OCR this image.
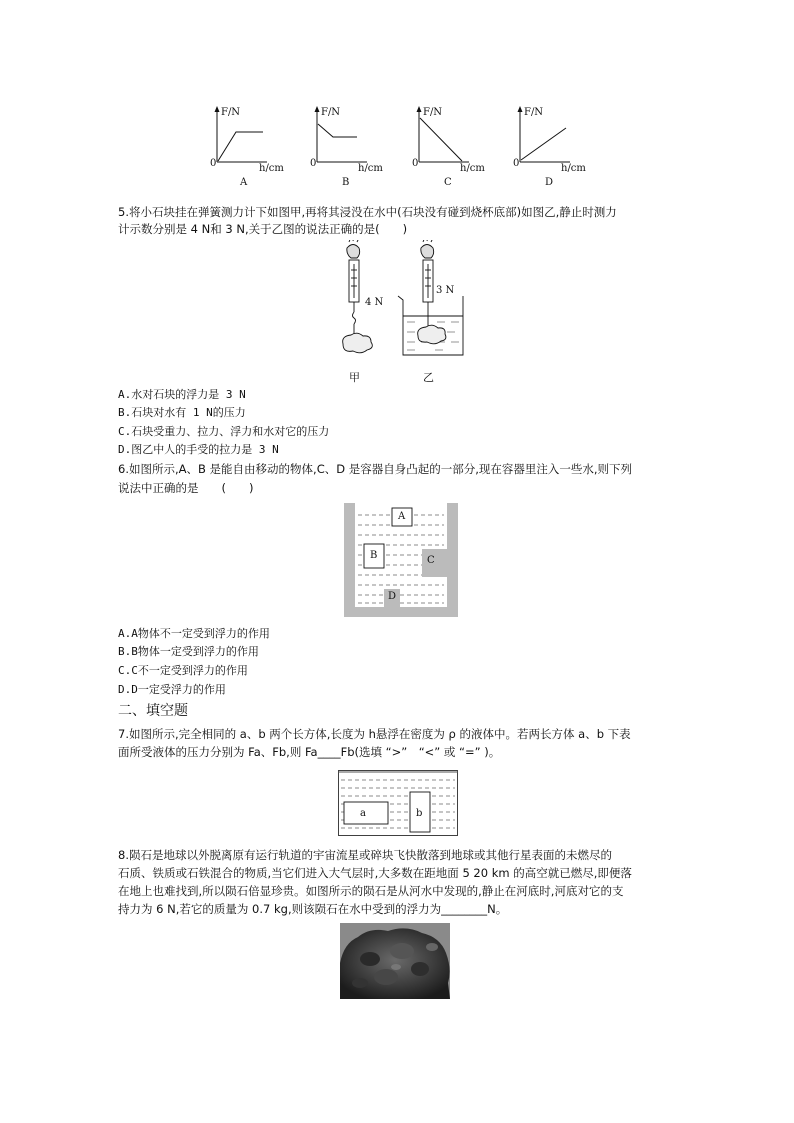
F/N	F/N	F/N	F/N
0	0	0	0
h/cm	h/cm	h/cm	h/cm
A	B	C	D
5.将小石块挂在弹簧测力计下如图甲,再将其浸没在水中(石块没有碰到烧杯底部)如图乙,静止时测力
计示数分别是 4 N和 3 N,关于乙图的说法正确的是(　　)
4 N
3 N
甲	乙
A.水对石块的浮力是 3 N
B.石块对水有 1 N的压力
C.石块受重力、拉力、浮力和水对它的压力
D.图乙中人的手受的拉力是 3 N
6.如图所示,A、B 是能自由移动的物体,C、D 是容器自身凸起的一部分,现在容器里注入一些水,则下列
说法中正确的是　　(　　)
A
B	C
D
A.A物体不一定受到浮力的作用
B.B物体一定受到浮力的作用
C.C不一定受到浮力的作用
D.D一定受浮力的作用
二、填空题
7.如图所示,完全相同的 a、b 两个长方体,长度为 h悬浮在密度为 ρ 的液体中。若两长方体 a、b 下表
面所受液体的压力分别为 Fa、Fb,则 Fa____Fb(选填 “>”　“<” 或 “=” )。
a	b
8.陨石是地球以外脱离原有运行轨道的宇宙流星或碎块飞快散落到地球或其他行星表面的未燃尽的
石质、铁质或石铁混合的物质,当它们进入大气层时,大多数在距地面 5 20 km 的高空就已燃尽,即便落
在地上也难找到,所以陨石倍显珍贵。如图所示的陨石是从河水中发现的,静止在河底时,河底对它的支
持力为 6 N,若它的质量为 0.7 kg,则该陨石在水中受到的浮力为________N。
